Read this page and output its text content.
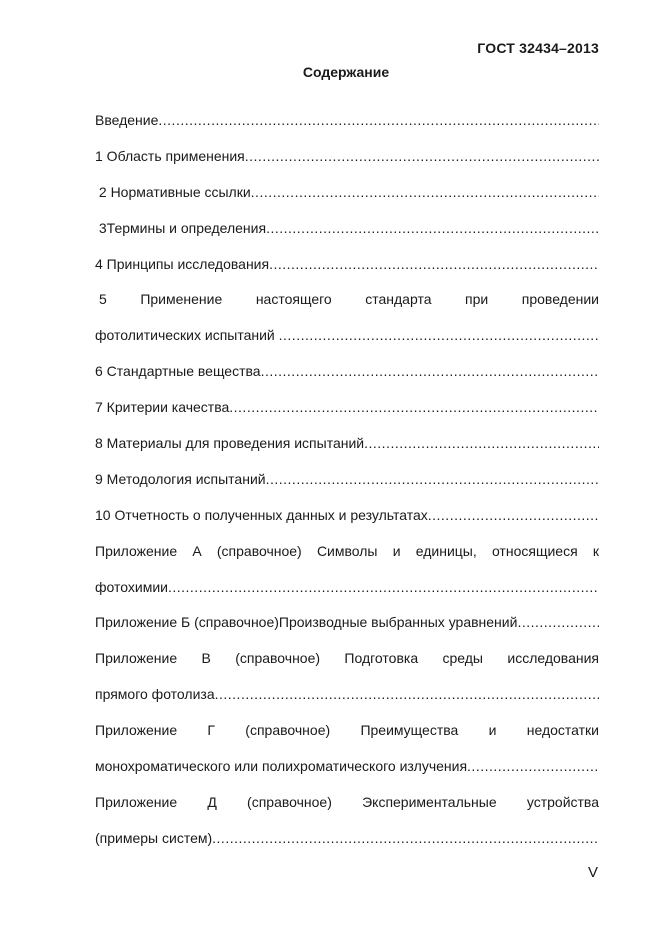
ГОСТ 32434–2013
Содержание
Введение
.....
1 Область применения
.....
2 Нормативные ссылки
.....
3Термины и определения
.....
4 Принципы исследования
.....
5 Применение настоящего стандарта при проведении
фотолитических испытаний
.....
6 Стандартные вещества
.....
7 Критерии качества
.....
8 Материалы для проведения испытаний
.....
9 Методология испытаний
.....
10 Отчетность о полученных данных и результатах
.....
Приложение А (справочное) Символы и единицы, относящиеся к
фотохимии
.....
Приложение Б (справочное)Производные выбранных уравнений
.....
Приложение В (справочное) Подготовка среды исследования
прямого фотолиза
.....
Приложение Г (справочное) Преимущества и недостатки
монохроматического или полихроматического излучения
.....
Приложение Д (справочное) Экспериментальные устройства
(примеры систем)
.....
V
